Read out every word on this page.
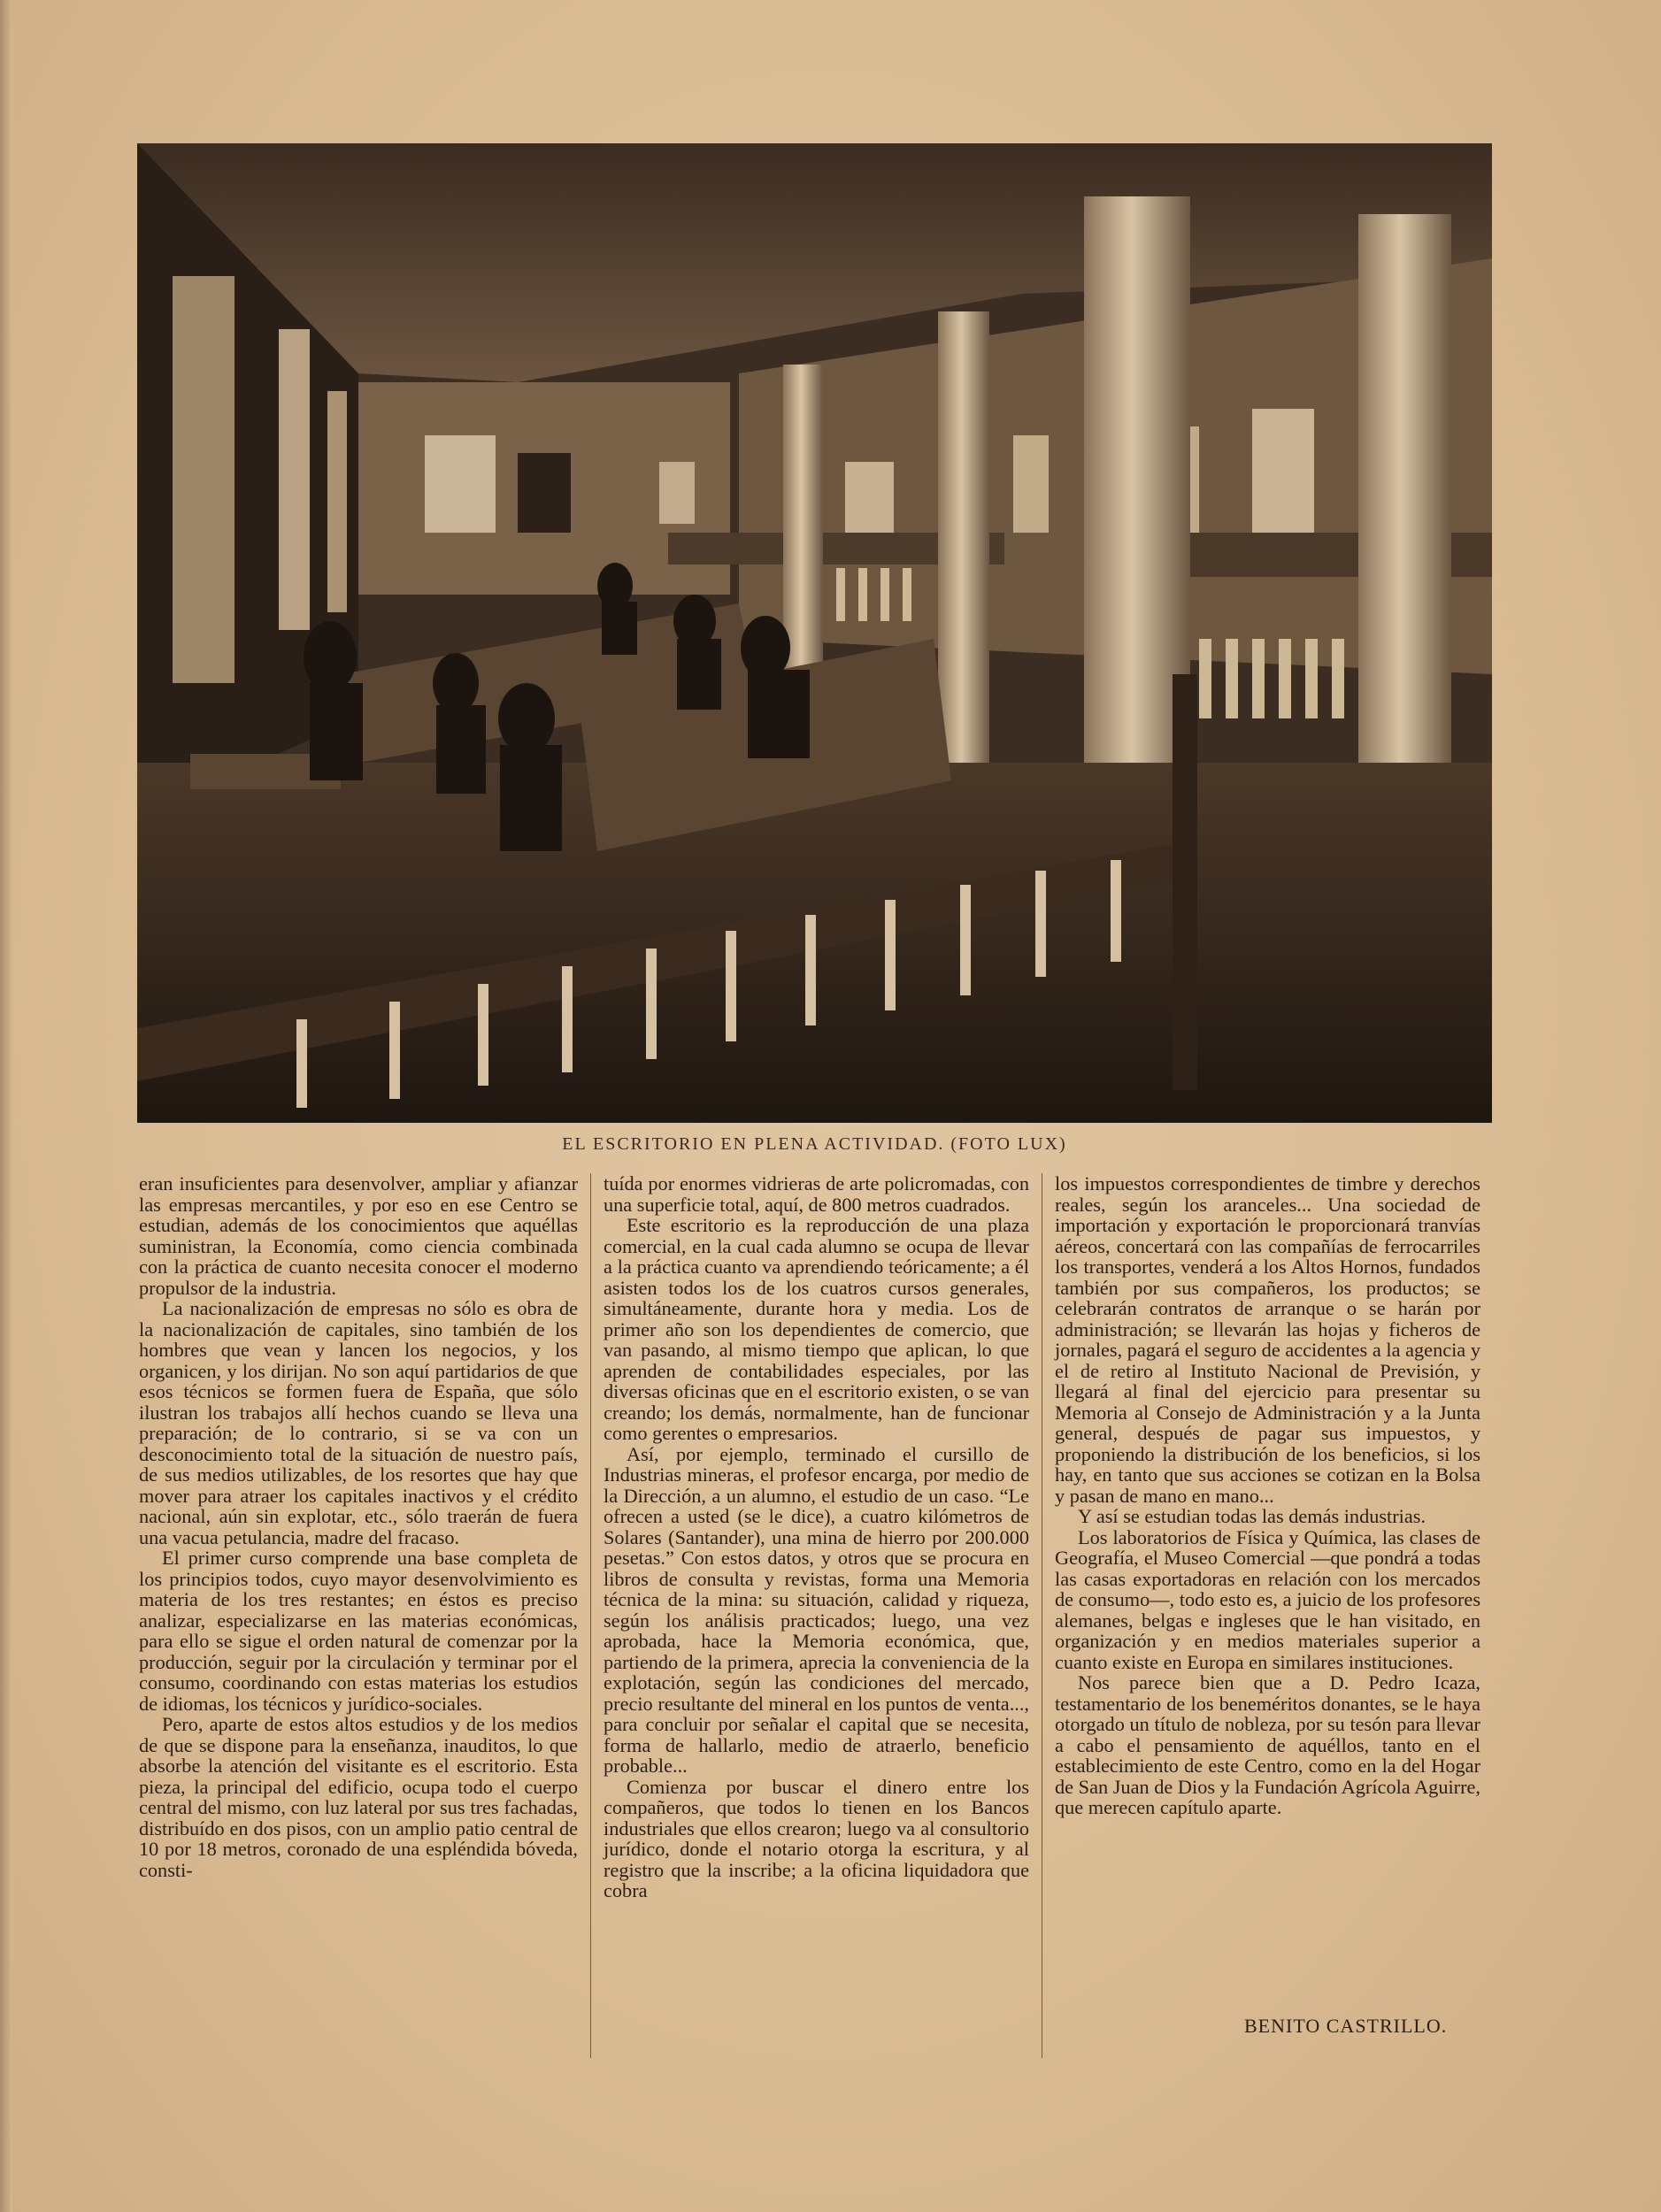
EL ESCRITORIO EN PLENA ACTIVIDAD. (FOTO LUX)

eran insuficientes para desenvolver, ampliar y afianzar las empresas mercantiles, y por eso en ese Centro se estudian, además de los conocimientos que aquéllas suministran, la Economía, como ciencia combinada con la práctica de cuanto necesita conocer el moderno propulsor de la industria.

La nacionalización de empresas no sólo es obra de la nacionalización de capitales, sino también de los hombres que vean y lancen los negocios, y los organicen, y los dirijan. No son aquí partidarios de que esos técnicos se formen fuera de España, que sólo ilustran los trabajos allí hechos cuando se lleva una preparación; de lo contrario, si se va con un desconocimiento total de la situación de nuestro país, de sus medios utilizables, de los resortes que hay que mover para atraer los capitales inactivos y el crédito nacional, aún sin explotar, etc., sólo traerán de fuera una vacua petulancia, madre del fracaso.

El primer curso comprende una base completa de los principios todos, cuyo mayor desenvolvimiento es materia de los tres restantes; en éstos es preciso analizar, especializarse en las materias económicas, para ello se sigue el orden natural de comenzar por la producción, seguir por la circulación y terminar por el consumo, coordinando con estas materias los estudios de idiomas, los técnicos y jurídico-sociales.

Pero, aparte de estos altos estudios y de los medios de que se dispone para la enseñanza, inauditos, lo que absorbe la atención del visitante es el escritorio. Esta pieza, la principal del edificio, ocupa todo el cuerpo central del mismo, con luz lateral por sus tres fachadas, distribuído en dos pisos, con un amplio patio central de 10 por 18 metros, coronado de una espléndida bóveda, consti-

tuída por enormes vidrieras de arte policromadas, con una superficie total, aquí, de 800 metros cuadrados.

Este escritorio es la reproducción de una plaza comercial, en la cual cada alumno se ocupa de llevar a la práctica cuanto va aprendiendo teóricamente; a él asisten todos los de los cuatros cursos generales, simultáneamente, durante hora y media. Los de primer año son los dependientes de comercio, que van pasando, al mismo tiempo que aplican, lo que aprenden de contabilidades especiales, por las diversas oficinas que en el escritorio existen, o se van creando; los demás, normalmente, han de funcionar como gerentes o empresarios.

Así, por ejemplo, terminado el cursillo de Industrias mineras, el profesor encarga, por medio de la Dirección, a un alumno, el estudio de un caso. “Le ofrecen a usted (se le dice), a cuatro kilómetros de Solares (Santander), una mina de hierro por 200.000 pesetas.” Con estos datos, y otros que se procura en libros de consulta y revistas, forma una Memoria técnica de la mina: su situación, calidad y riqueza, según los análisis practicados; luego, una vez aprobada, hace la Memoria económica, que, partiendo de la primera, aprecia la conveniencia de la explotación, según las condiciones del mercado, precio resultante del mineral en los puntos de venta..., para concluir por señalar el capital que se necesita, forma de hallarlo, medio de atraerlo, beneficio probable...

Comienza por buscar el dinero entre los compañeros, que todos lo tienen en los Bancos industriales que ellos crearon; luego va al consultorio jurídico, donde el notario otorga la escritura, y al registro que la inscribe; a la oficina liquidadora que cobra

los impuestos correspondientes de timbre y derechos reales, según los aranceles... Una sociedad de importación y exportación le proporcionará tranvías aéreos, concertará con las compañías de ferrocarriles los transportes, venderá a los Altos Hornos, fundados también por sus compañeros, los productos; se celebrarán contratos de arranque o se harán por administración; se llevarán las hojas y ficheros de jornales, pagará el seguro de accidentes a la agencia y el de retiro al Instituto Nacional de Previsión, y llegará al final del ejercicio para presentar su Memoria al Consejo de Administración y a la Junta general, después de pagar sus impuestos, y proponiendo la distribución de los beneficios, si los hay, en tanto que sus acciones se cotizan en la Bolsa y pasan de mano en mano...

Y así se estudian todas las demás industrias.

Los laboratorios de Física y Química, las clases de Geografía, el Museo Comercial —que pondrá a todas las casas exportadoras en relación con los mercados de consumo—, todo esto es, a juicio de los profesores alemanes, belgas e ingleses que le han visitado, en organización y en medios materiales superior a cuanto existe en Europa en similares instituciones.

Nos parece bien que a D. Pedro Icaza, testamentario de los beneméritos donantes, se le haya otorgado un título de nobleza, por su tesón para llevar a cabo el pensamiento de aquéllos, tanto en el establecimiento de este Centro, como en la del Hogar de San Juan de Dios y la Fundación Agrícola Aguirre, que merecen capítulo aparte.

BENITO CASTRILLO.
